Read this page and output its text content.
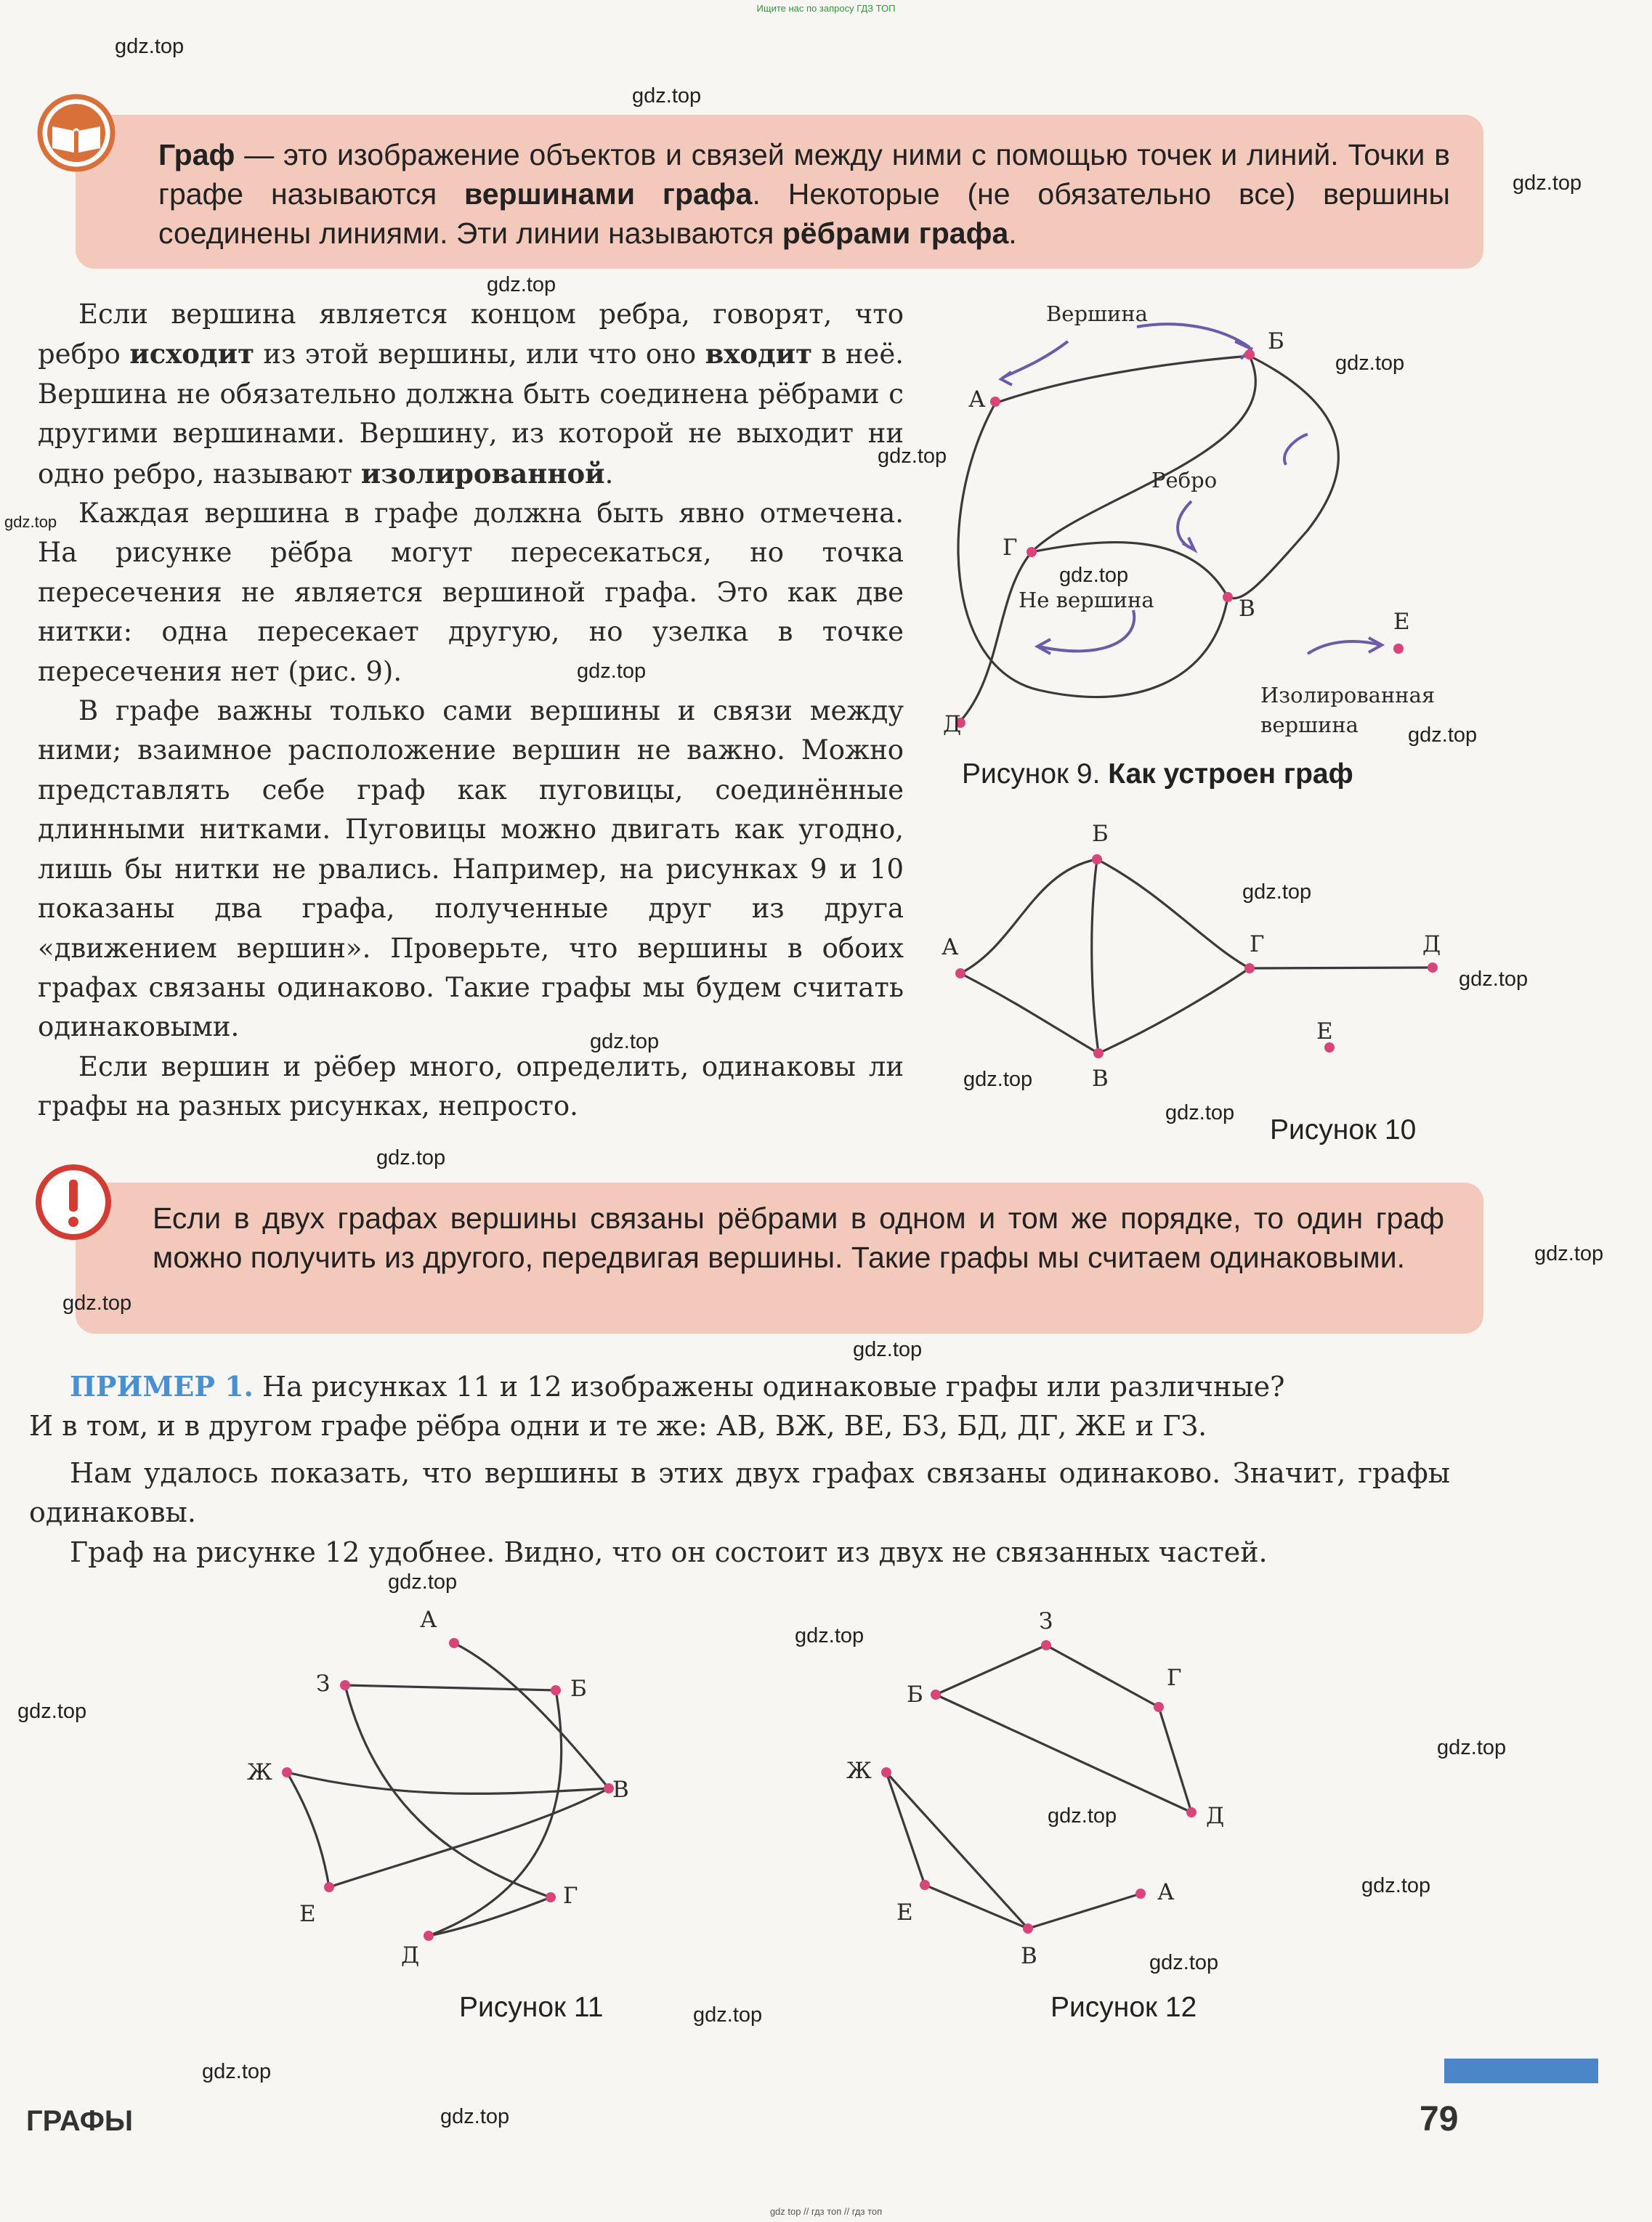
Ищите нас по запросу ГДЗ ТОП
gdz top // гдз топ // гдз топ
Граф — это изображение объектов и связей между ними с помощью точек и линий. Точки в графе называются вершинами графа. Некоторые (не обязательно все) вершины соединены линиями. Эти линии называются рёбрами графа.

Если вершина является концом ребра, говорят, что ребро исходит из этой вершины, или что оно входит в неё. Вершина не обязательно должна быть соединена рёбрами с другими вершинами. Вершину, из которой не выходит ни одно ребро, называют изолированной.

Каждая вершина в графе должна быть явно отмечена. На рисунке рёбра могут пересекаться, но точка пересечения не является вершиной графа. Это как две нитки: одна пересекает другую, но узелка в точке пересечения нет (рис. 9).

В графе важны только сами вершины и связи между ними; взаимное расположение вершин не важно. Можно представлять себе граф как пуговицы, соединённые длинными нитками. Пуговицы можно двигать как угодно, лишь бы нитки не рвались. Например, на рисунках 9 и 10 показаны два графа, полученные друг из друга «движением вершин». Проверьте, что вершины в обоих графах связаны одинаково. Такие графы мы будем считать одинаковыми.

Если вершин и рёбер много, определить, одинаковы ли графы на разных рисунках, непросто.

А
Б
В
Г
Д
Е
Вершина
Ребро
Не вершина
Изолированная
вершина
Рисунок 9. Как устроен граф
А
Б
В
Г	Д
Е
Рисунок 10
Если в двух графах вершины связаны рёбрами в одном и том же порядке, то один граф можно получить из другого, передвигая вершины. Такие графы мы считаем одинаковыми.

ПРИМЕР 1. На рисунках 11 и 12 изображены одинаковые графы или различные?

И в том, и в другом графе рёбра одни и те же: АВ, ВЖ, ВЕ, БЗ, БД, ДГ, ЖЕ и ГЗ.

Нам удалось показать, что вершины в этих двух графах связаны одинаково. Значит, графы одинаковы.

Граф на рисунке 12 удобнее. Видно, что он состоит из двух не связанных частей.

А
Б
В
Г
Д
Е
Ж
З
Рисунок 11
З
Б
Г
Д
Ж
Е
В
А
Рисунок 12
ГРАФЫ	79
gdz.top
gdz.top
gdz.top
gdz.top
gdz.top
gdz.top
gdz.top
gdz.top
gdz.top
gdz.top
gdz.top
gdz.top
gdz.top
gdz.top
gdz.top
gdz.top
gdz.top
gdz.top
gdz.top
gdz.top
gdz.top
gdz.top
gdz.top
gdz.top
gdz.top
gdz.top
gdz.top
gdz.top
gdz.top
